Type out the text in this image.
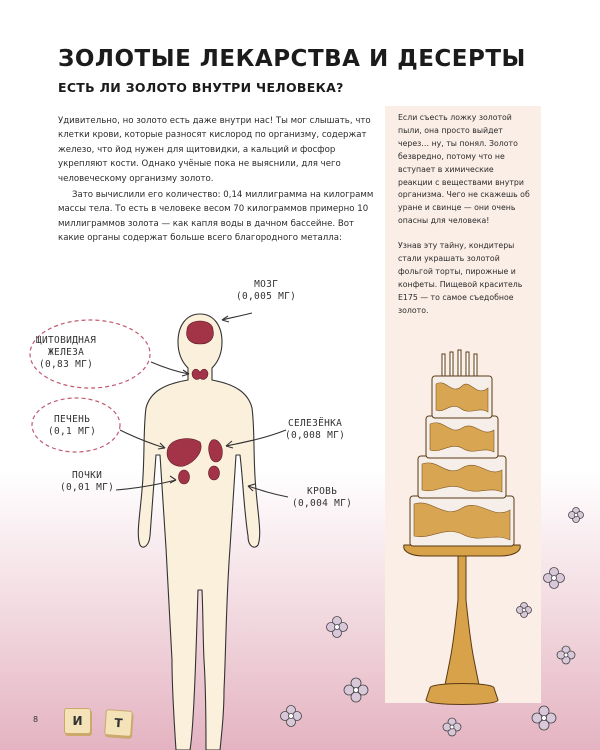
ЗОЛОТЫЕ ЛЕКАРСТВА И ДЕСЕРТЫ
ЕСТЬ ЛИ ЗОЛОТО ВНУТРИ ЧЕЛОВЕКА?

Удивительно, но золото есть даже внутри нас! Ты мог слышать, что клетки крови, которые разносят кислород по организму, содержат железо, что йод нужен для щитовидки, а кальций и фосфор укрепляют кости. Однако учёные пока не выяснили, для чего человеческому организму золото.

Зато вычислили его количество: 0,14 миллиграмма на килограмм массы тела. То есть в человеке весом 70 килограммов примерно 10 миллиграммов золота — как капля воды в дачном бассейне. Вот какие органы содержат больше всего благородного металла:

Если съесть ложку золотой пыли, она просто выйдет через… ну, ты понял. Золото безвредно, потому что не вступает в химические реакции с веществами внутри организма. Чего не скажешь об уране и свинце — они очень опасны для человека!

Узнав эту тайну, кондитеры стали украшать золотой фольгой торты, пирожные и конфеты. Пищевой краситель E175 — то самое съедобное золото.

МОЗГ
(0,005 МГ)
ЩИТОВИДНАЯ
ЖЕЛЕЗА
(0,83 МГ)
ПЕЧЕНЬ
(0,1 МГ)
СЕЛЕЗЁНКА
(0,008 МГ)
ПОЧКИ
(0,01 МГ)	КРОВЬ
(0,004 МГ)
8	И	Т
